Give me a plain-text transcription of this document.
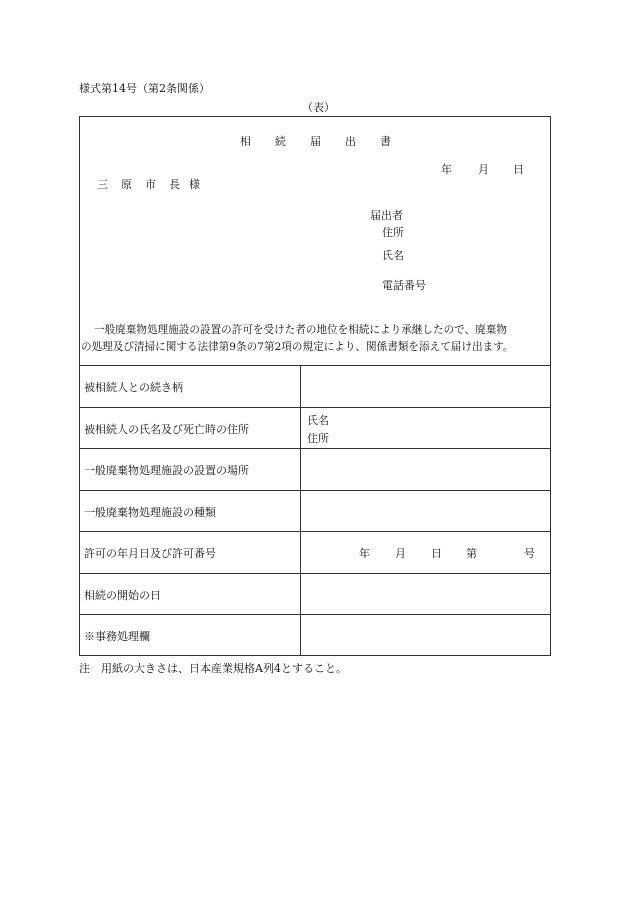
様式第14号（第2条関係）
（表）
相 続 届 出 書
年 月 日
三 原 市 長 様
届出者
住所
氏名
電話番号
一般廃棄物処理施設の設置の許可を受けた者の地位を相続により承継したので、廃棄物
の処理及び清掃に関する法律第9条の7第2項の規定により、関係書類を添えて届け出ます。
被相続人との続き柄
被相続人の氏名及び死亡時の住所
一般廃棄物処理施設の設置の場所
一般廃棄物処理施設の種類
許可の年月日及び許可番号
相続の開始の日
※事務処理欄
氏名
住所
年 月 日 第	号
注　用紙の大きさは、日本産業規格A列4とすること。
